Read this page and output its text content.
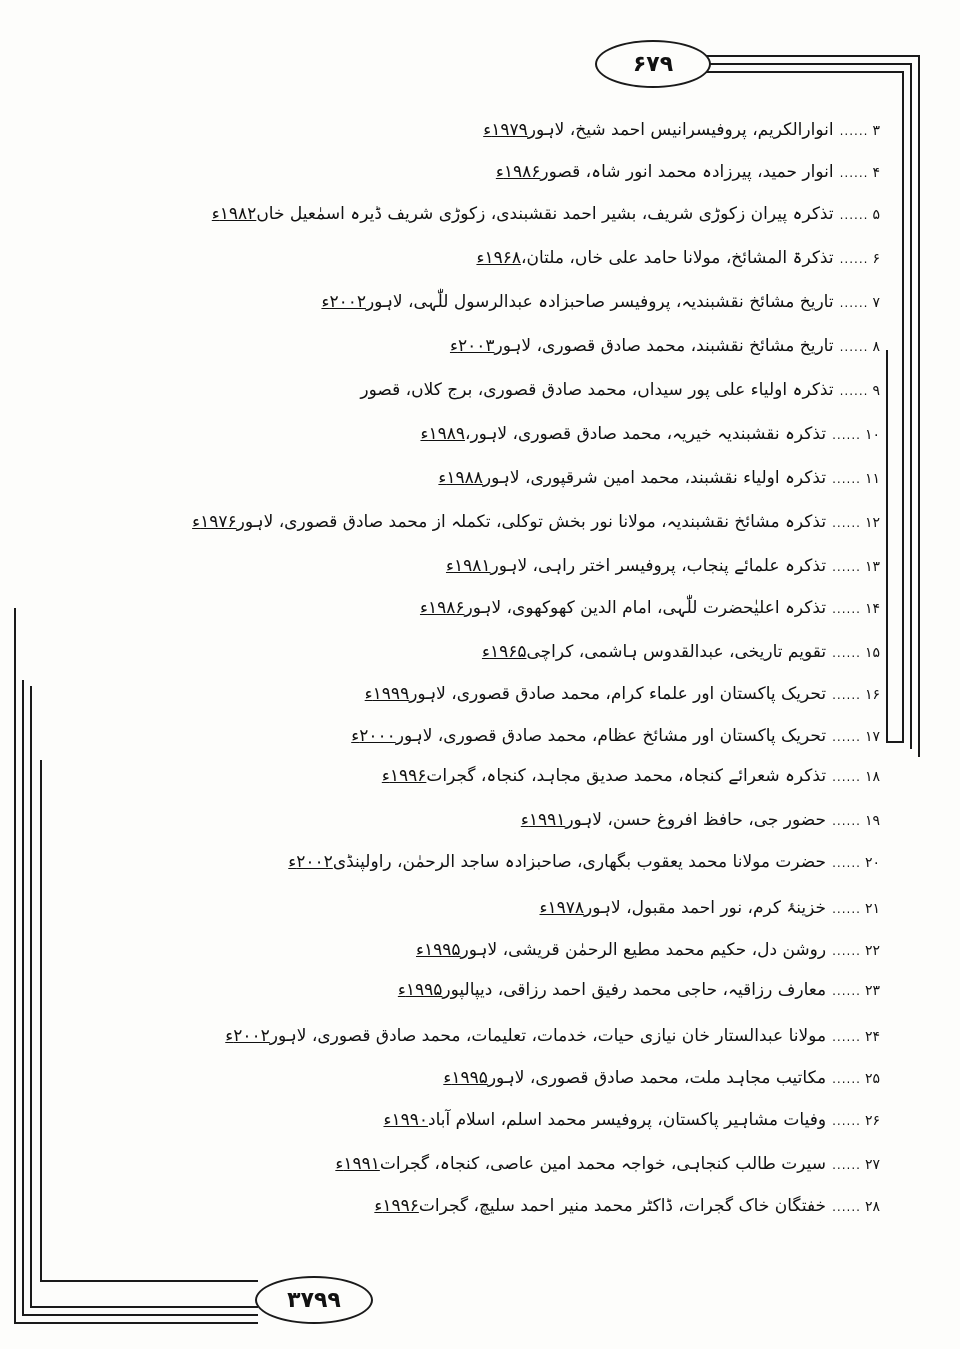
۶۷۹
۳۷۹۹
۳......انوارالکریم، پروفیسرانیس احمد شیخ، لاہور۱۹۷۹ء
۴......انوار حمید، پیرزادہ محمد انور شاہ، قصور۱۹۸۶ء
۵......تذکرہ پیران زکوڑی شریف، بشیر احمد نقشبندی، زکوڑی شریف ڈیرہ اسمٰعیل خاں۱۹۸۲ء
۶......تذکرۃ المشائخ، مولانا حامد علی خاں، ملتان،۱۹۶۸ء
۷......تاریخ مشائخ نقشبندیہ، پروفیسر صاحبزادہ عبدالرسول للّٰہی، لاہور۲۰۰۲ء
۸......تاریخ مشائخ نقشبند، محمد صادق قصوری، لاہور۲۰۰۳ء
۹......تذکرہ اولیاء علی پور سیداں، محمد صادق قصوری، برج کلاں، قصور
۱۰......تذکرہ نقشبندیہ خیریہ، محمد صادق قصوری، لاہور،۱۹۸۹ء
۱۱......تذکرہ اولیاء نقشبند، محمد امین شرقپوری، لاہور۱۹۸۸ء
۱۲......تذکرہ مشائخ نقشبندیہ، مولانا نور بخش توکلی، تکملہ از محمد صادق قصوری، لاہور۱۹۷۶ء
۱۳......تذکرہ علمائے پنجاب، پروفیسر اختر راہی، لاہور۱۹۸۱ء
۱۴......تذکرہ اعلیٰحضرت للّٰہی، امام الدین کھوکھوی، لاہور۱۹۸۶ء
۱۵......تقویم تاریخی، عبدالقدوس ہاشمی، کراچی۱۹۶۵ء
۱۶......تحریک پاکستان اور علماء کرام، محمد صادق قصوری، لاہور۱۹۹۹ء
۱۷......تحریک پاکستان اور مشائخ عظام، محمد صادق قصوری، لاہور۲۰۰۰ء
۱۸......تذکرہ شعرائے کنجاہ، محمد صدیق مجاہد، کنجاہ، گجرات۱۹۹۶ء
۱۹......حضور جی، حافظ افروغ حسن، لاہور۱۹۹۱ء
۲۰......حضرت مولانا محمد یعقوب بگھاری، صاحبزادہ ساجد الرحمٰن، راولپنڈی۲۰۰۲ء
۲۱......خزینۂ کرم، نور احمد مقبول، لاہور۱۹۷۸ء
۲۲......روشن دل، حکیم محمد مطیع الرحمٰن قریشی، لاہور۱۹۹۵ء
۲۳......معارف رزاقیہ، حاجی محمد رفیق احمد رزاقی، دیپالپور۱۹۹۵ء
۲۴......مولانا عبدالستار خان نیازی حیات، خدمات، تعلیمات، محمد صادق قصوری، لاہور۲۰۰۲ء
۲۵......مکاتیب مجاہد ملت، محمد صادق قصوری، لاہور۱۹۹۵ء
۲۶......وفیات مشاہیر پاکستان، پروفیسر محمد اسلم، اسلام آباد۱۹۹۰ء
۲۷......سیرت طالب کنجاہی، خواجہ محمد امین عاصی، کنجاہ، گجرات۱۹۹۱ء
۲۸......خفتگان خاک گجرات، ڈاکٹر محمد منیر احمد سلیچ، گجرات۱۹۹۶ء
